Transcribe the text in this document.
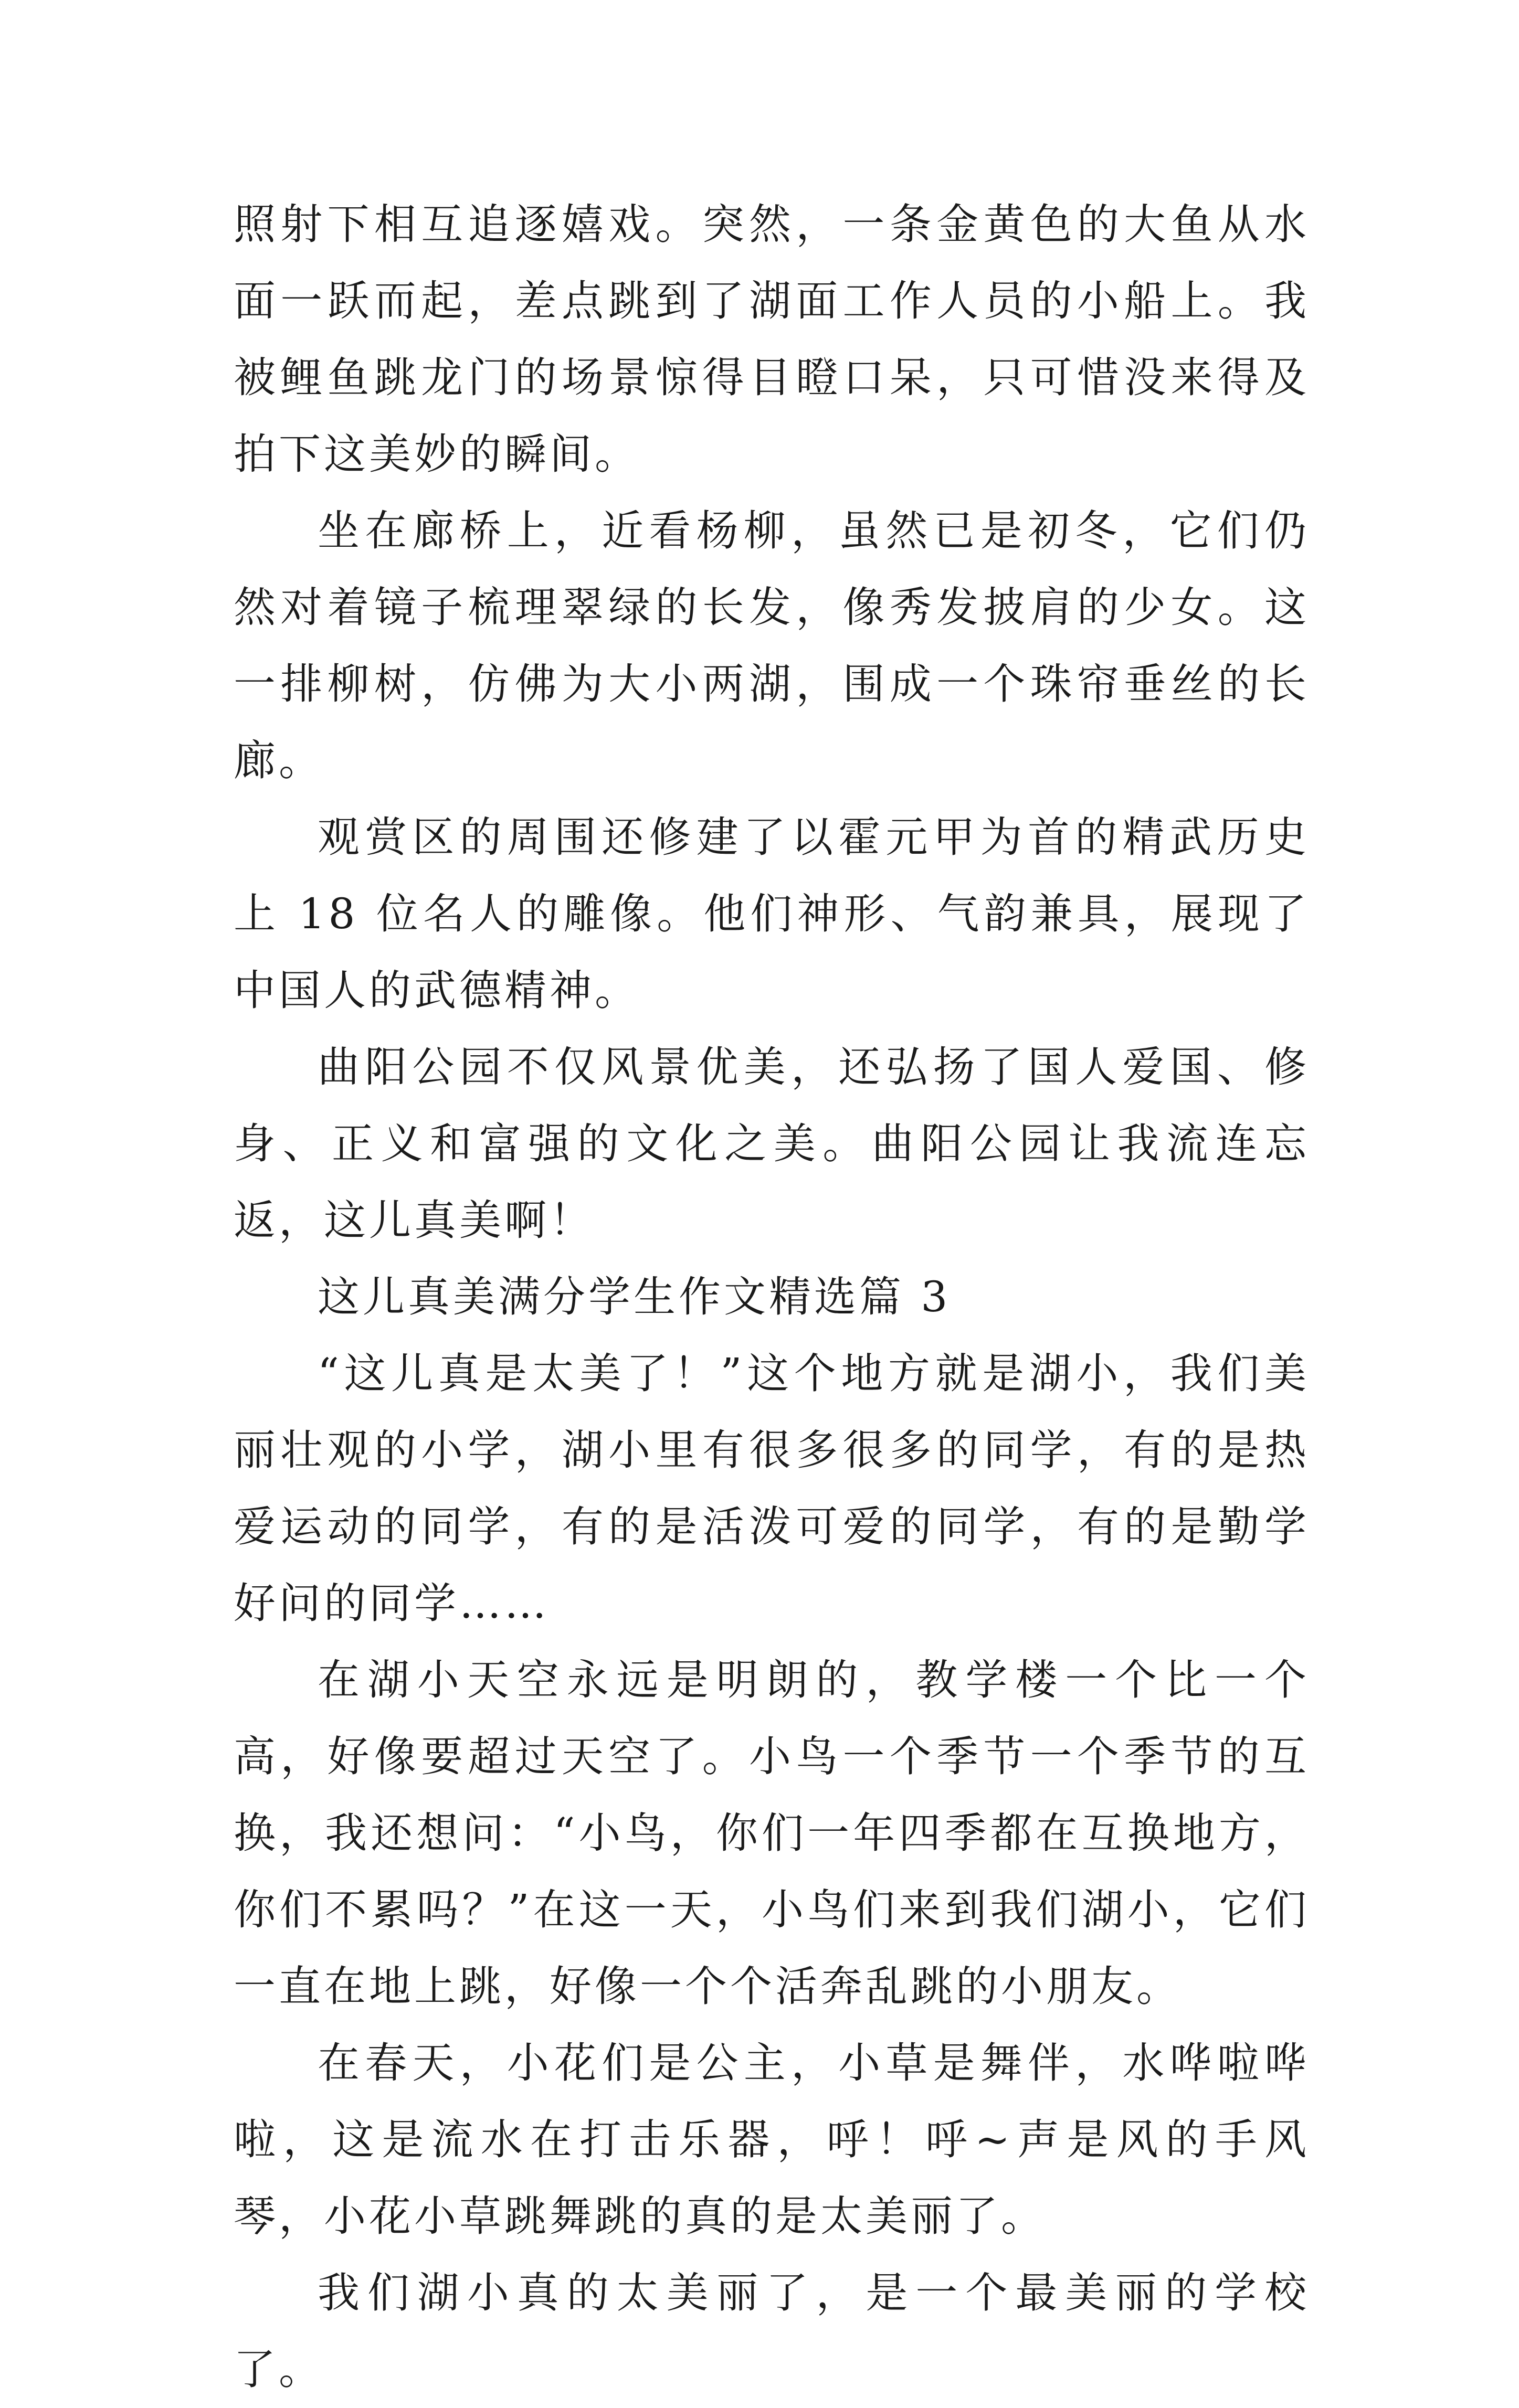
照射下相互追逐嬉戏。突然，一条金黄色的大鱼从水面一跃而起，差点跳到了湖面工作人员的小船上。我被鲤鱼跳龙门的场景惊得目瞪口呆，只可惜没来得及拍下这美妙的瞬间。

坐在廊桥上，近看杨柳，虽然已是初冬，它们仍然对着镜子梳理翠绿的长发，像秀发披肩的少女。这一排柳树，仿佛为大小两湖，围成一个珠帘垂丝的长廊。

观赏区的周围还修建了以霍元甲为首的精武历史上 18 位名人的雕像。他们神形、气韵兼具，展现了中国人的武德精神。

曲阳公园不仅风景优美，还弘扬了国人爱国、修身、正义和富强的文化之美。曲阳公园让我流连忘返，这儿真美啊！

这儿真美满分学生作文精选篇 3

“这儿真是太美了！”这个地方就是湖小，我们美丽壮观的小学，湖小里有很多很多的同学，有的是热爱运动的同学，有的是活泼可爱的同学，有的是勤学好问的同学……

在湖小天空永远是明朗的，教学楼一个比一个高，好像要超过天空了。小鸟一个季节一个季节的互换，我还想问：“小鸟，你们一年四季都在互换地方，你们不累吗？”在这一天，小鸟们来到我们湖小，它们一直在地上跳，好像一个个活奔乱跳的小朋友。

在春天，小花们是公主，小草是舞伴，水哗啦哗啦，这是流水在打击乐器，呼！呼~声是风的手风琴，小花小草跳舞跳的真的是太美丽了。

我们湖小真的太美丽了，是一个最美丽的学校了。
